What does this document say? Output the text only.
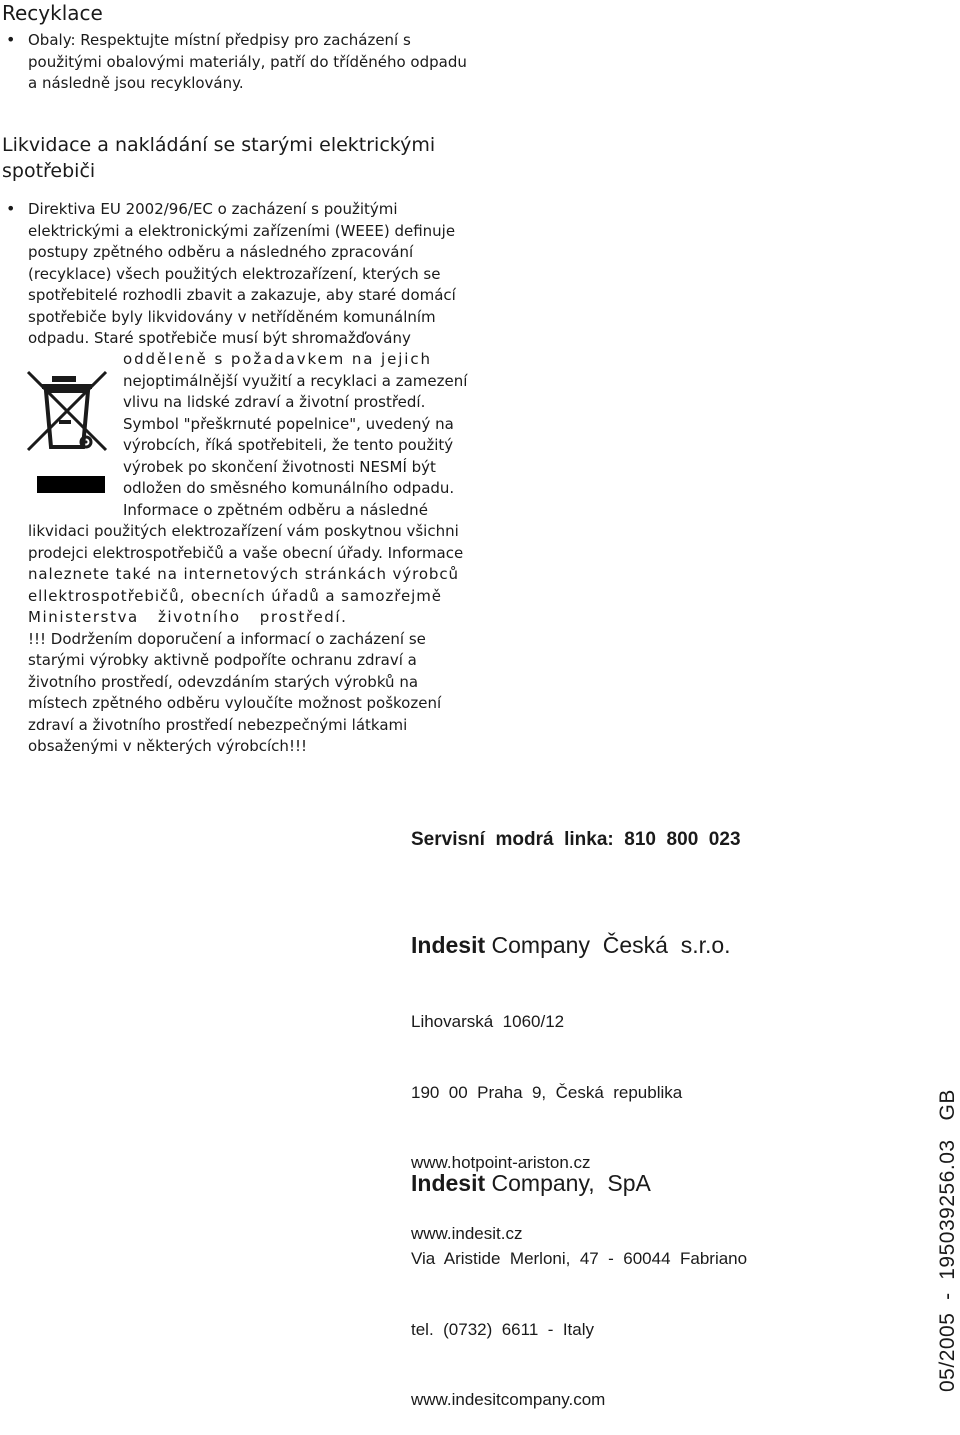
Recyklace
• Obaly: Respektujte místní předpisy pro zacházení s
použitými obalovými materiály, patří do tříděného odpadu
a následně jsou recyklovány.

Likvidace a nakládání se starými elektrickými spotřebiči
• Direktiva EU 2002/96/EC o zacházení s použitými
elektrickými a elektronickými zařízeními (WEEE) definuje
postupy zpětného odběru a následného zpracování
(recyklace) všech použitých elektrozařízení, kterých se
spotřebitelé rozhodli zbavit a zakazuje, aby staré domácí
spotřebiče byly likvidovány v netříděném komunálním
odpadu. Staré spotřebiče musí být shromažďovány

odděleně s požadavkem na jejich
nejoptimálnější využití a recyklaci a zamezení
vlivu na lidské zdraví a životní prostředí.
Symbol "přeškrnuté popelnice", uvedený na
výrobcích, říká spotřebiteli, že tento použitý
výrobek po skončení životnosti NESMÍ být
odložen do směsného komunálního odpadu.
Informace o zpětném odběru a následné

likvidaci použitých elektrozařízení vám poskytnou všichni
prodejci elektrospotřebičů a vaše obecní úřady. Informace
naleznete také na internetových stránkách výrobců
ellektrospotřebičů, obecních úřadů a samozřejmě
Ministerstva   životního   prostředí.
!!! Dodržením doporučení a informací o zacházení se
starými výrobky aktivně podpoříte ochranu zdraví a
životního prostředí, odevzdáním starých výrobků na
místech zpětného odběru vyloučíte možnost poškození
zdraví a životního prostředí nebezpečnými látkami
obsaženými v některých výrobcích!!!

Servisní  modrá  linka:  810  800  023
Indesit Company  Česká  s.r.o.

Lihovarská  1060/12

190  00  Praha  9,  Česká  republika

www.hotpoint-ariston.cz

www.indesit.cz

Indesit Company,  SpA

Via  Aristide  Merloni,  47  -  60044  Fabriano

tel.  (0732)  6611  -  Italy

www.indesitcompany.com

05/2005  -  195039256.03   GB
